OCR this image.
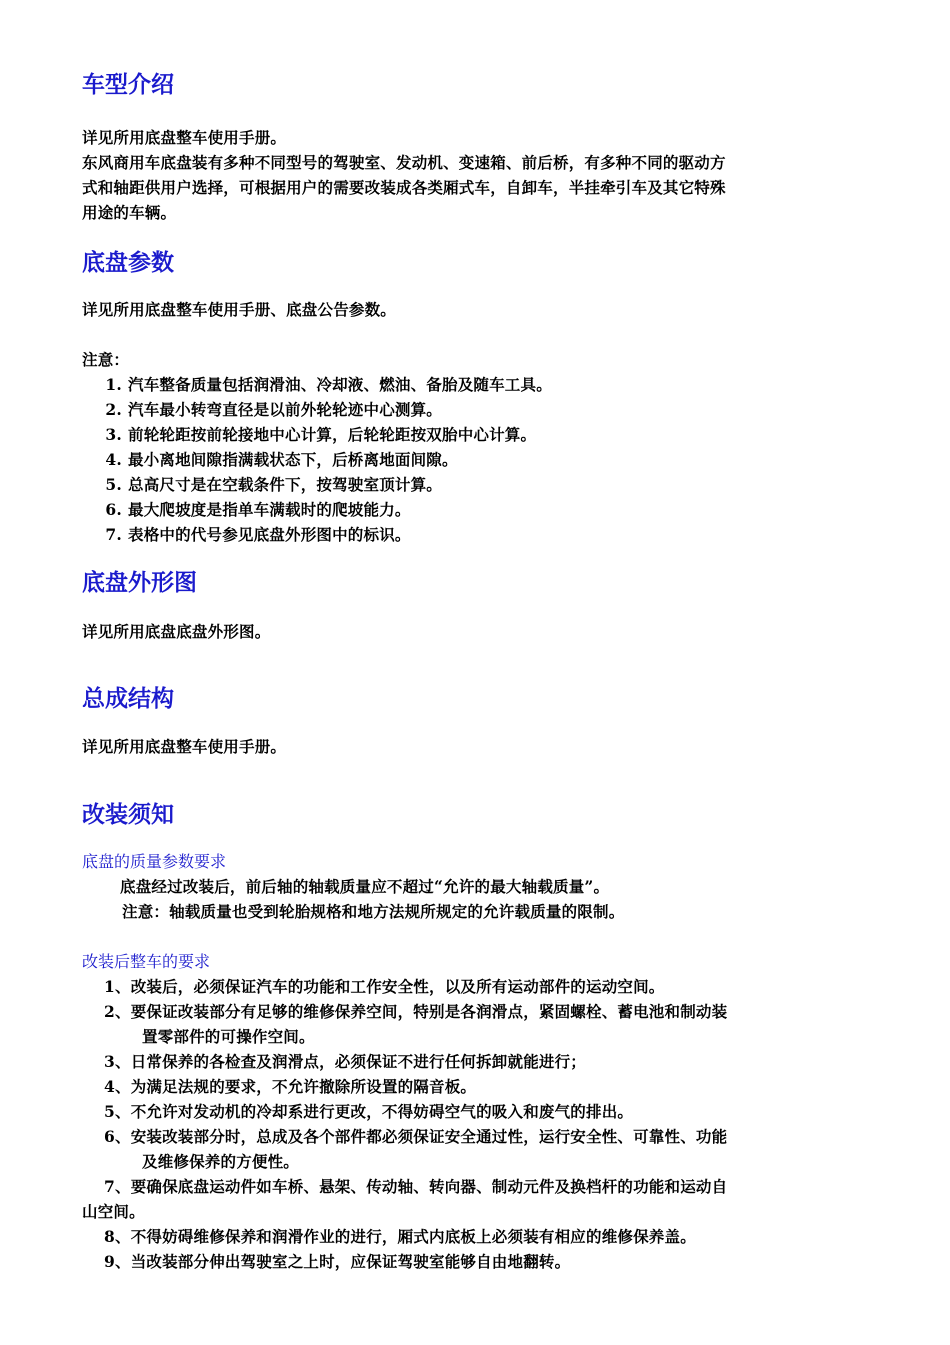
车型介绍
详见所用底盘整车使用手册。
东风商用车底盘装有多种不同型号的驾驶室、发动机、变速箱、前后桥，有多种不同的驱动方
式和轴距供用户选择，可根据用户的需要改装成各类厢式车，自卸车，半挂牵引车及其它特殊
用途的车辆。
底盘参数
详见所用底盘整车使用手册、底盘公告参数。
注意：
1. 汽车整备质量包括润滑油、冷却液、燃油、备胎及随车工具。
2. 汽车最小转弯直径是以前外轮轮迹中心测算。
3. 前轮轮距按前轮接地中心计算，后轮轮距按双胎中心计算。
4. 最小离地间隙指满载状态下，后桥离地面间隙。
5. 总高尺寸是在空载条件下，按驾驶室顶计算。
6. 最大爬坡度是指单车满载时的爬坡能力。
7. 表格中的代号参见底盘外形图中的标识。
底盘外形图
详见所用底盘底盘外形图。
总成结构
详见所用底盘整车使用手册。
改装须知
底盘的质量参数要求
底盘经过改装后，前后轴的轴载质量应不超过“允许的最大轴载质量”。
注意：轴载质量也受到轮胎规格和地方法规所规定的允许载质量的限制。
改装后整车的要求
1、改装后，必须保证汽车的功能和工作安全性，以及所有运动部件的运动空间。
2、要保证改装部分有足够的维修保养空间，特别是各润滑点，紧固螺栓、蓄电池和制动装
置零部件的可操作空间。
3、日常保养的各检查及润滑点，必须保证不进行任何拆卸就能进行；
4、为满足法规的要求，不允许撤除所设置的隔音板。
5、不允许对发动机的冷却系进行更改，不得妨碍空气的吸入和废气的排出。
6、安装改装部分时，总成及各个部件都必须保证安全通过性，运行安全性、可靠性、功能
及维修保养的方便性。
7、要确保底盘运动件如车桥、悬架、传动轴、转向器、制动元件及换档杆的功能和运动自
山空间。
8、不得妨碍维修保养和润滑作业的进行，厢式内底板上必须装有相应的维修保养盖。
9、当改装部分伸出驾驶室之上时，应保证驾驶室能够自由地翻转。
